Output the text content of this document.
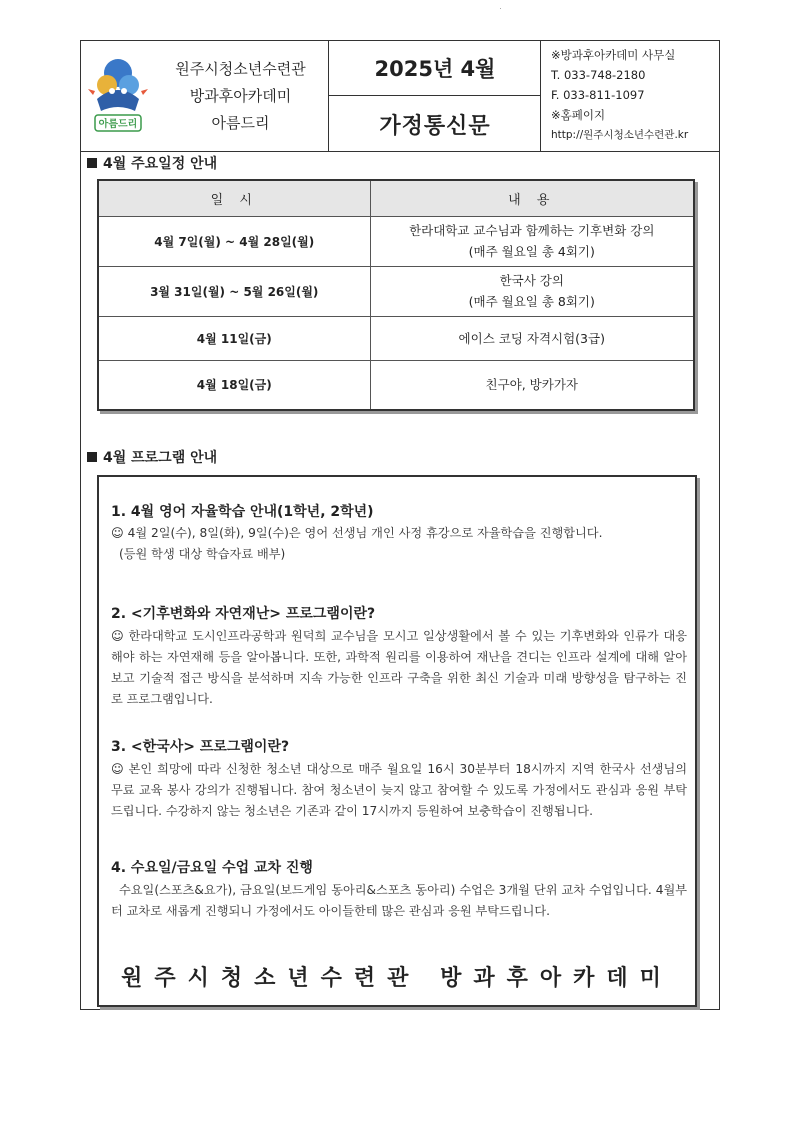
아름드리
원주시청소년수련관
방과후아카데미
아름드리
2025년 4월
가정통신문
※방과후아카데미 사무실
T. 033-748-2180
F. 033-811-1097
※홈페이지
http://원주시청소년수련관.kr
4월 주요일정 안내
일 시	내 용
4월 7일(월) ~ 4월 28일(월)	한라대학교 교수님과 함께하는 기후변화 강의
(매주 월요일 총 4회기)

3월 31일(월) ~ 5월 26일(월)	한국사 강의
(매주 월요일 총 8회기)

4월 11일(금)	에이스 코딩 자격시험(3급)
4월 18일(금)	친구야, 방카가자
4월 프로그램 안내
1. 4월 영어 자율학습 안내(1학년, 2학년)
☺ 4월 2일(수), 8일(화), 9일(수)은 영어 선생님 개인 사정 휴강으로 자율학습을 진행합니다.
(등원 학생 대상 학습자료 배부)
2. <기후변화와 자연재난> 프로그램이란?
☺ 한라대학교 도시인프라공학과 원덕희 교수님을 모시고 일상생활에서 볼 수 있는 기후변화와 인류가 대응해야 하는 자연재해 등을 알아봅니다. 또한, 과학적 원리를 이용하여 재난을 견디는 인프라 설계에 대해 알아보고 기술적 접근 방식을 분석하며 지속 가능한 인프라 구축을 위한 최신 기술과 미래 방향성을 탐구하는 진로 프로그램입니다.
3. <한국사> 프로그램이란?
☺ 본인 희망에 따라 신청한 청소년 대상으로 매주 월요일 16시 30분부터 18시까지 지역 한국사 선생님의 무료 교육 봉사 강의가 진행됩니다. 참여 청소년이 늦지 않고 참여할 수 있도록 가정에서도 관심과 응원 부탁드립니다. 수강하지 않는 청소년은 기존과 같이 17시까지 등원하여 보충학습이 진행됩니다.
4. 수요일/금요일 수업 교차 진행
수요일(스포츠&요가), 금요일(보드게임 동아리&스포츠 동아리) 수업은 3개월 단위 교차 수업입니다. 4월부터 교차로 새롭게 진행되니 가정에서도 아이들한테 많은 관심과 응원 부탁드립니다.
원주시청소년수련관 방과후아카데미
